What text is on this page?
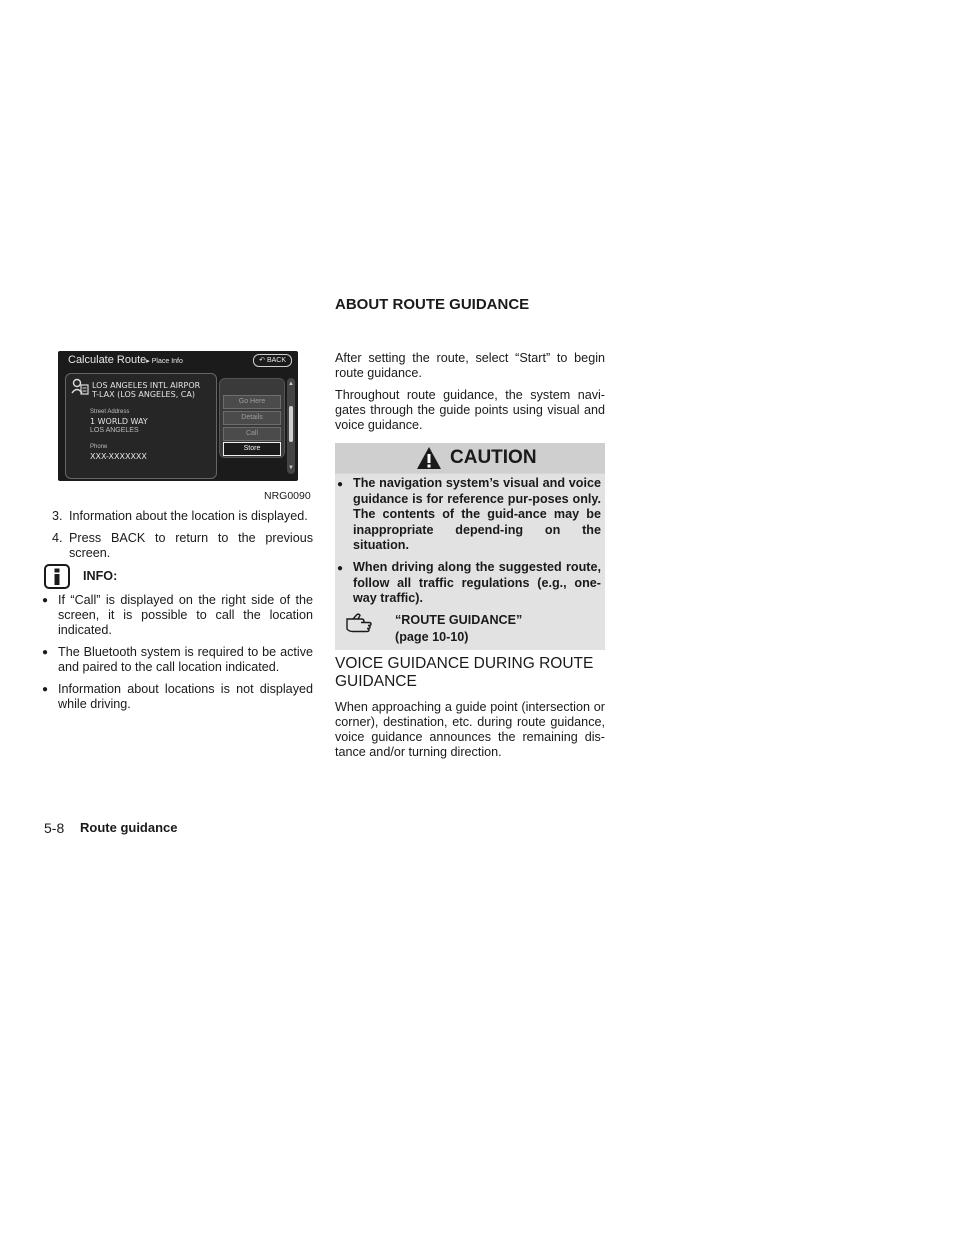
Calculate Route▸ Place Info	↶ BACK
LOS ANGELES INTL AIRPOR
T-LAX (LOS ANGELES, CA)
Street Address
1 WORLD WAY
LOS ANGELES
Phone
XXX-XXXXXXX
Go Here
Details
Call
Store
▲
▼
NRG0090
3. Information about the location is displayed.
4. Press BACK to return to the previous screen.
INFO:
● If “Call” is displayed on the right side of the screen, it is possible to call the location indicated.
● The Bluetooth system is required to be active and paired to the call location indicated.
● Information about locations is not displayed while driving.
ABOUT ROUTE GUIDANCE
After setting the route, select “Start” to begin route guidance.
Throughout route guidance, the system navi-gates through the guide points using visual and voice guidance.
CAUTION
● The navigation system’s visual and voice guidance is for reference pur-poses only. The contents of the guid-ance may be inappropriate depend-ing on the situation.
● When driving along the suggested route, follow all traffic regulations (e.g., one-way traffic).
“ROUTE GUIDANCE”
(page 10-10)
VOICE GUIDANCE DURING ROUTE GUIDANCE
When approaching a guide point (intersection or corner), destination, etc. during route guidance, voice guidance announces the remaining dis-tance and/or turning direction.
5-8 Route guidance
